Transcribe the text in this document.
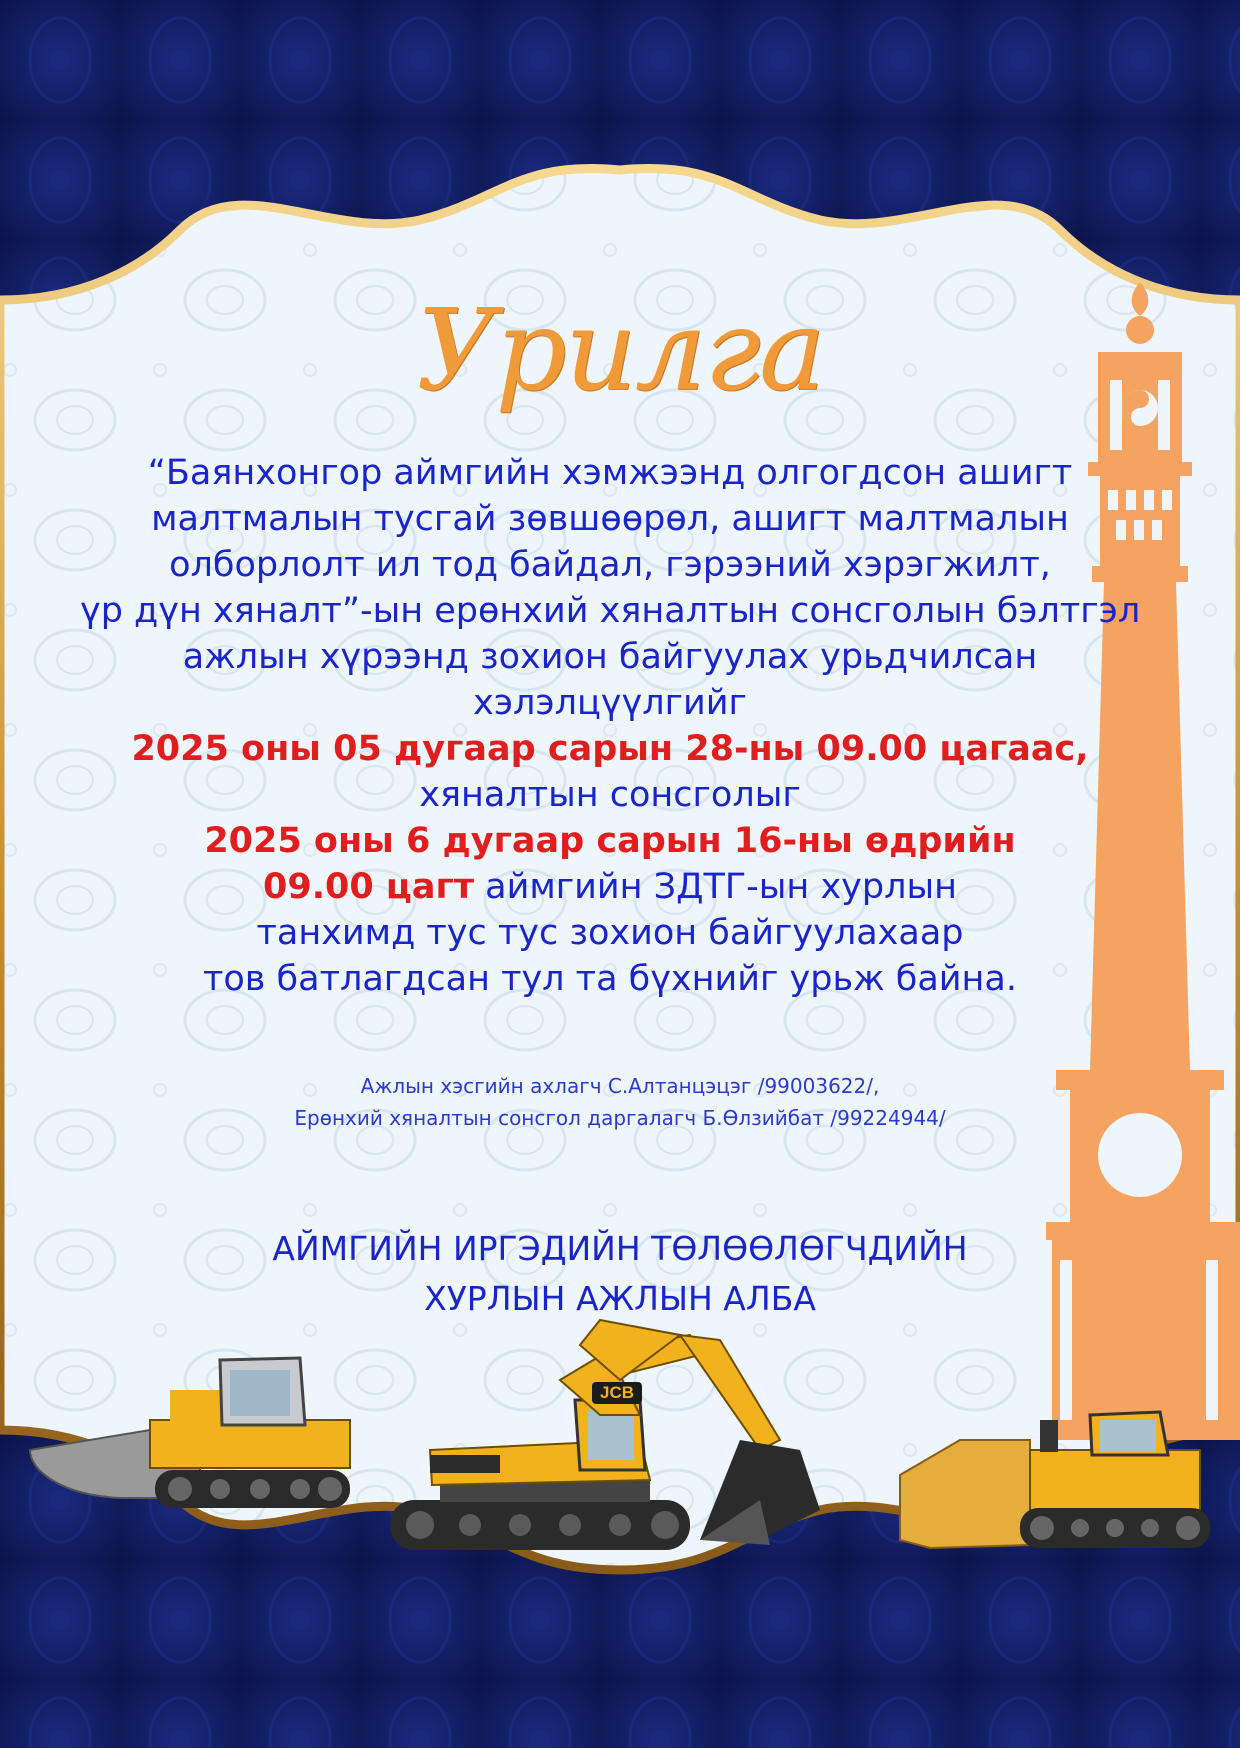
JCB
Урилга
“Баянхонгор аймгийн хэмжээнд олгогдсон ашигт
малтмалын тусгай зөвшөөрөл, ашигт малтмалын
олборлолт ил тод байдал, гэрээний хэрэгжилт,
үр дүн хяналт”-ын ерөнхий хяналтын сонсголын бэлтгэл
ажлын хүрээнд зохион байгуулах урьдчилсан
хэлэлцүүлгийг
2025 оны 05 дугаар сарын 28-ны 09.00 цагаас,
хяналтын сонсголыг
2025 оны 6 дугаар сарын 16-ны өдрийн
09.00 цагт аймгийн ЗДТГ-ын хурлын
танхимд тус тус зохион байгуулахаар
тов батлагдсан тул та бүхнийг урьж байна.
Ажлын хэсгийн ахлагч С.Алтанцэцэг /99003622/,
Ерөнхий хяналтын сонсгол даргалагч Б.Өлзийбат /99224944/
АЙМГИЙН ИРГЭДИЙН ТӨЛӨӨЛӨГЧДИЙН
ХУРЛЫН АЖЛЫН АЛБА
